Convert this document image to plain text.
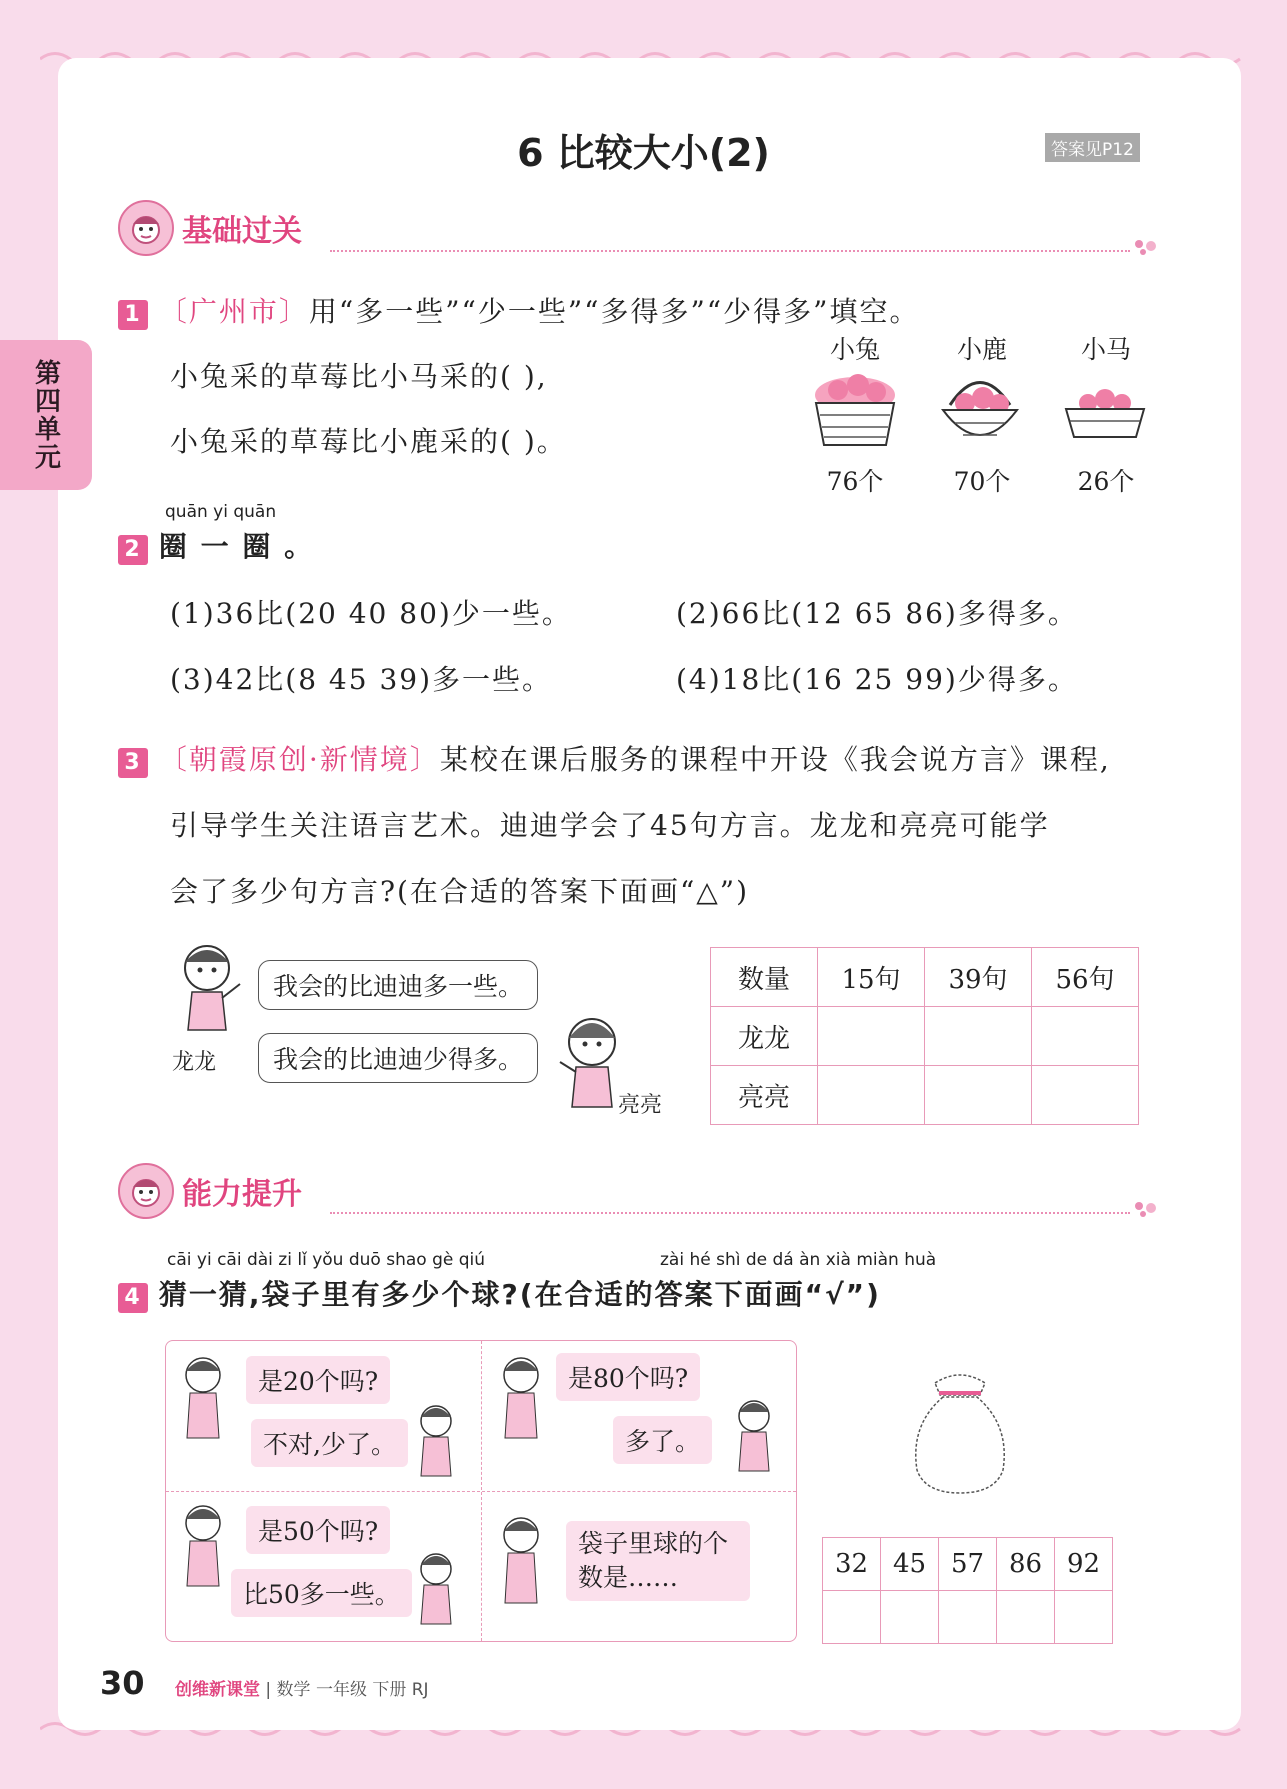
第四单元
6 比较大小(2)	答案见P12
基础过关
1 〔广州市〕用“多一些”“少一些”“多得多”“少得多”填空。
小兔采的草莓比小马采的( ),
小兔采的草莓比小鹿采的( )。
小兔	小鹿	小马
76个	70个	26个
quān yi quān
2 圈 一 圈 。
(1)36比(20 40 80)少一些。	(2)66比(12 65 86)多得多。
(3)42比(8 45 39)多一些。	(4)18比(16 25 99)少得多。
3 〔朝霞原创·新情境〕某校在课后服务的课程中开设《我会说方言》课程,
引导学生关注语言艺术。迪迪学会了45句方言。龙龙和亮亮可能学
会了多少句方言?(在合适的答案下面画“△”)
我会的比迪迪多一些。
我会的比迪迪少得多。
龙龙
亮亮
数量	15句	39句	56句
龙龙			
亮亮			
能力提升
cāi yi cāi dài zi lǐ yǒu duō shao gè qiú	zài hé shì de dá àn xià miàn huà
4 猜一猜,袋子里有多少个球?(在合适的答案下面画“√”)
是20个吗?
不对,少了。
是80个吗?
多了。
是50个吗?
比50多一些。
袋子里球的个数是……	32	45	57	86	92

30 创维新课堂 | 数学 一年级 下册 RJ
